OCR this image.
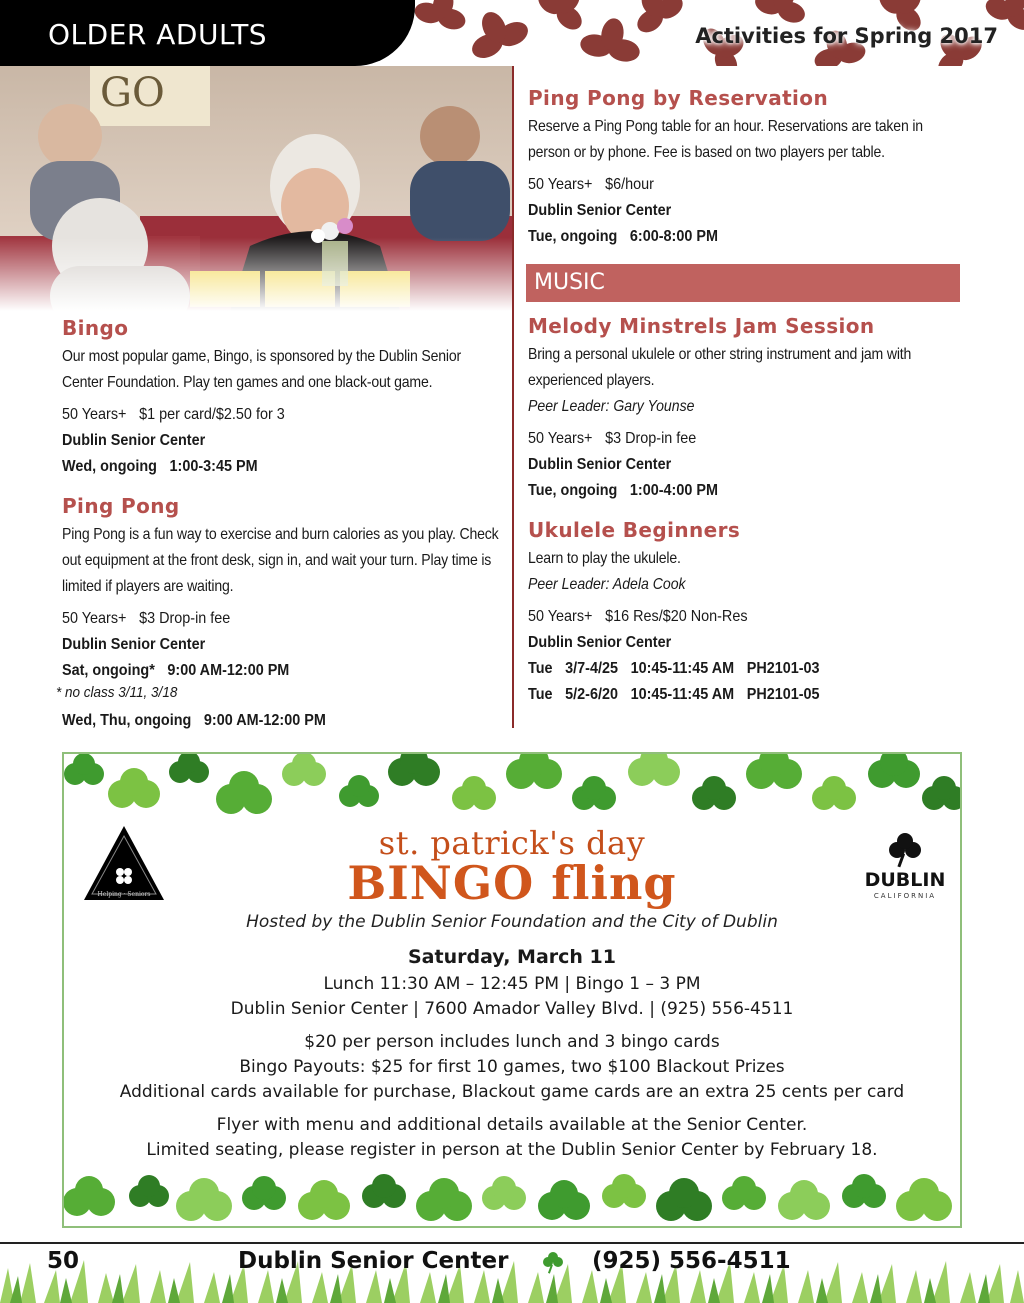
OLDER ADULTS	Activities for Spring 2017
Bingo
Our most popular game, Bingo, is sponsored by the Dublin Senior Center Foundation. Play ten games and one black-out game.
50 Years+ $1 per card/$2.50 for 3
Dublin Senior Center
Wed, ongoing 1:00-3:45 PM
Ping Pong
Ping Pong is a fun way to exercise and burn calories as you play. Check out equipment at the front desk, sign in, and wait your turn. Play time is limited if players are waiting.
50 Years+ $3 Drop-in fee
Dublin Senior Center
Sat, ongoing* 9:00 AM-12:00 PM
* no class 3/11, 3/18
Wed, Thu, ongoing 9:00 AM-12:00 PM
Ping Pong by Reservation
Reserve a Ping Pong table for an hour. Reservations are taken in person or by phone. Fee is based on two players per table.
50 Years+ $6/hour
Dublin Senior Center
Tue, ongoing 6:00-8:00 PM
MUSIC
Melody Minstrels Jam Session
Bring a personal ukulele or other string instrument and jam with experienced players.
Peer Leader: Gary Younse
50 Years+ $3 Drop-in fee
Dublin Senior Center
Tue, ongoing 1:00-4:00 PM
Ukulele Beginners
Learn to play the ukulele.
Peer Leader: Adela Cook
50 Years+ $16 Res/$20 Non-Res
Dublin Senior Center
Tue 3/7-4/25 10:45-11:45 AM PH2101-03
Tue 5/2-6/20 10:45-11:45 AM PH2101-05
Helping · Seniors
DUBLIN
CALIFORNIA
st. patrick's day
BINGO fling
Hosted by the Dublin Senior Foundation and the City of Dublin
Saturday, March 11
Lunch 11:30 AM – 12:45 PM | Bingo 1 – 3 PM
Dublin Senior Center | 7600 Amador Valley Blvd. | (925) 556-4511
$20 per person includes lunch and 3 bingo cards
Bingo Payouts: $25 for first 10 games, two $100 Blackout Prizes
Additional cards available for purchase, Blackout game cards are an extra 25 cents per card
Flyer with menu and additional details available at the Senior Center.
Limited seating, please register in person at the Dublin Senior Center by February 18.
50	Dublin Senior Center	(925) 556-4511
